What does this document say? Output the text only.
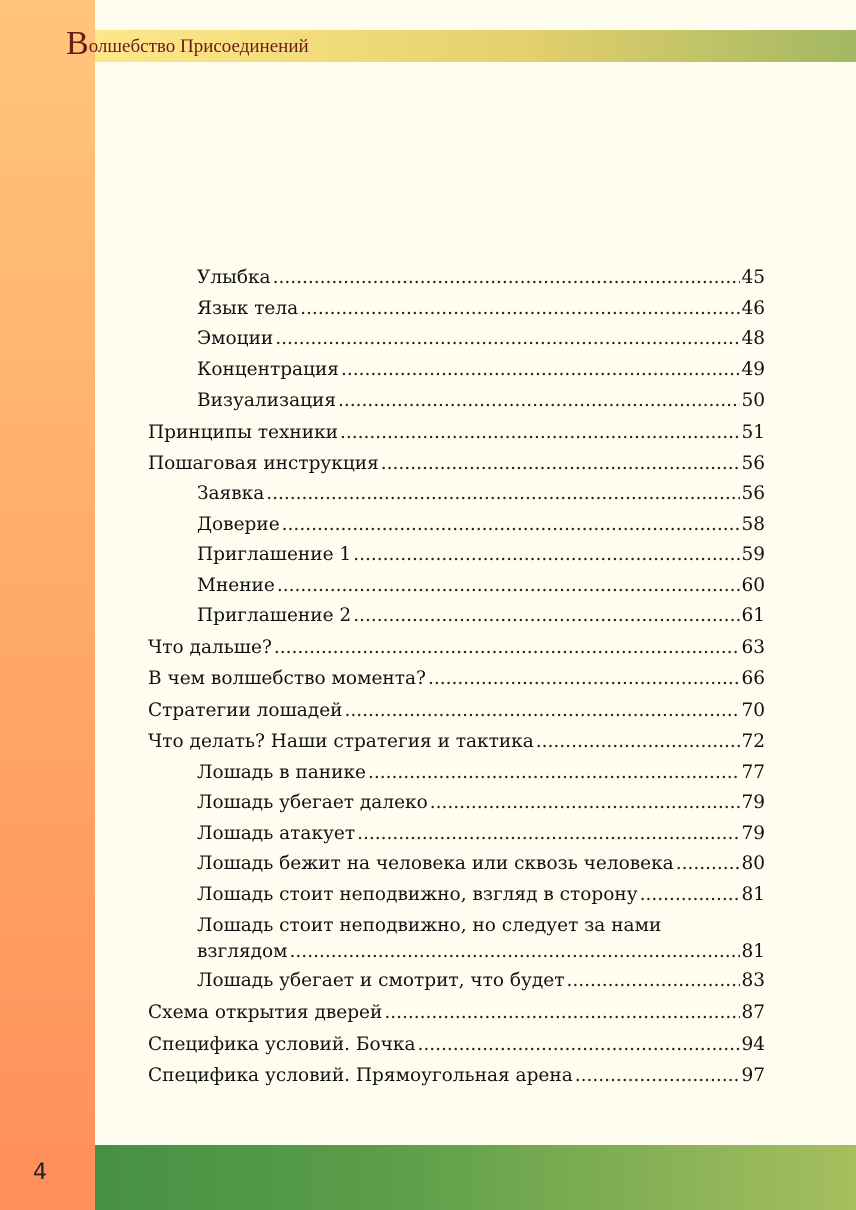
Волшебство Присоединений
Улыбка .....	45
Язык тела .....	46
Эмоции .....	48
Концентрация .....	49
Визуализация .....	50
Принципы техники .....	51
Пошаговая инструкция .....	56
Заявка .....	56
Доверие .....	58
Приглашение 1 .....	59
Мнение .....	60
Приглашение 2 .....	61
Что дальше? .....	63
В чем волшебство момента? .....	66
Стратегии лошадей .....	70
Что делать? Наши стратегия и тактика .....	72
Лошадь в панике .....	77
Лошадь убегает далеко .....	79
Лошадь атакует .....	79
Лошадь бежит на человека или сквозь человека .....	80
Лошадь стоит неподвижно, взгляд в сторону .....	81
Лошадь стоит неподвижно, но следует за нами
взглядом .....	81
Лошадь убегает и смотрит, что будет .....	83
Схема открытия дверей .....	87
Специфика условий. Бочка .....	94
Специфика условий. Прямоугольная арена .....	97
4
